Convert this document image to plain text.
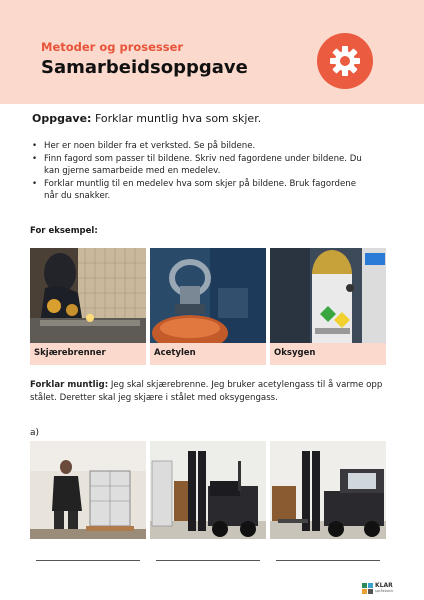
Metoder og prosesser
Samarbeidsoppgave
Oppgave: Forklar muntlig hva som skjer.
• Her er noen bilder fra et verksted. Se på bildene.
• Finn fagord som passer til bildene. Skriv ned fagordene under bildene. Du kan gjerne samarbeide med en medelev.
• Forklar muntlig til en medelev hva som skjer på bildene. Bruk fagordene når du snakker.
For eksempel:
Skjærebrenner	Acetylen	Oksygen
Forklar muntlig: Jeg skal skjærebrenne. Jeg bruker acetylengass til å varme opp stålet. Deretter skal jeg skjære i stålet med oksygengass.
a)
KLAR
språkbank
